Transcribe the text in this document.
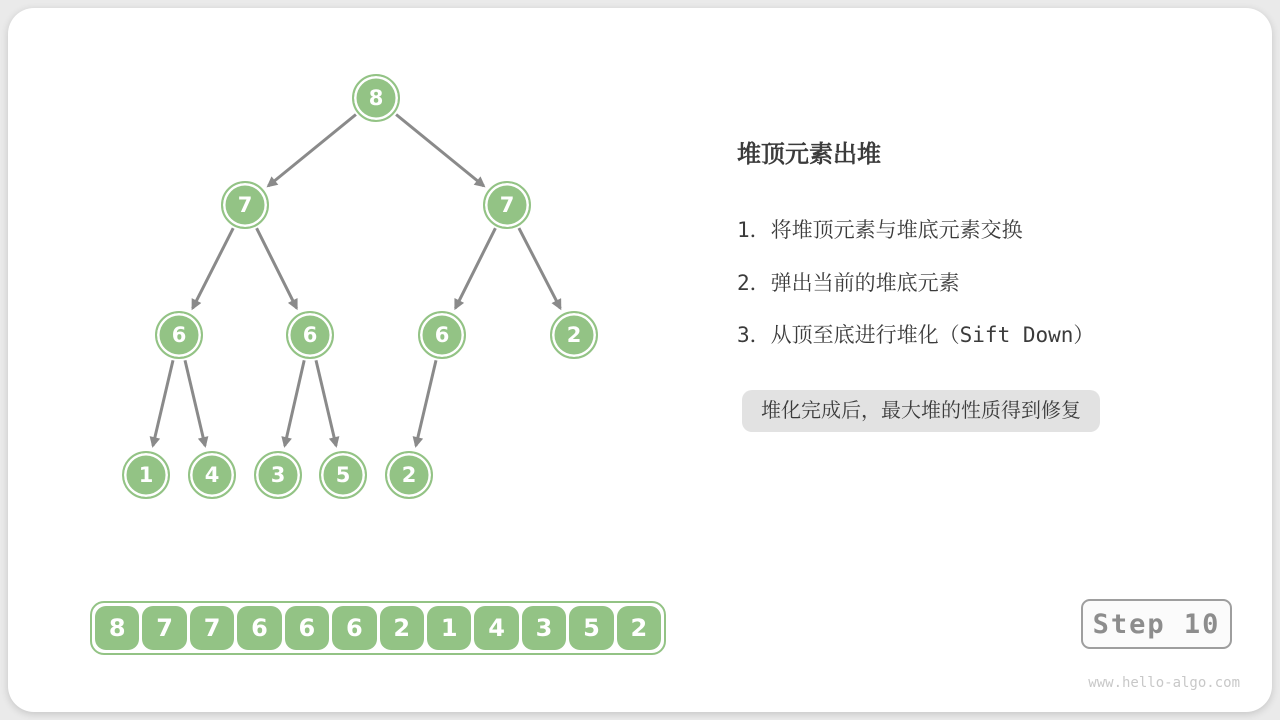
8
7	7
6	6	6	2
1 4 3 5 2
堆顶元素出堆
1．将堆顶元素与堆底元素交换
2．弹出当前的堆底元素
3．从顶至底进行堆化（Sift Down）
堆化完成后，最大堆的性质得到修复
8	7	7	6	6	6	2	1	4	3	5	2	Step 10
www.hello-algo.com
